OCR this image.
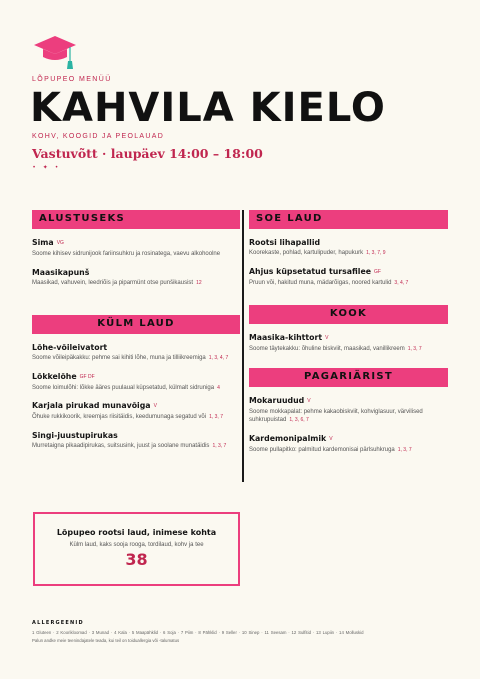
LÕPUPEO MENÜÜ
KAHVILA KIELO
KOHV, KOOGID JA PEOLAUAD
Vastuvõtt · laupäev 14:00 – 18:00
• ✦ •
ALUSTUSEKS
Sima VG
Soome kihisev sidrunijook fariinsuhkru ja rosinatega, vaevu alkohoolne
Maasikapunš
Maasikad, vahuvein, leedriõis ja piparmünt otse punšikausist 12
KÜLM LAUD
Lõhe-võileivatort
Soome võileipäkakku: pehme sai kihiti lõhe, muna ja tilliikreemiga 1, 3, 4, 7
Lõkkelõhe GF DF
Soome loimulõhi: lõkke ääres puulaual küpsetatud, külmalt sidruniga 4
Karjala pirukad munavõiga V
Õhuke rukkikoorik, kreemjas riisitäidis, keedumunaga segatud või 1, 3, 7
Singi-juustupirukas
Murretaigna pikaadipirukas, suitsusink, juust ja soolane munatäidis 1, 3, 7
SOE LAUD
Rootsi lihapallid
Koorekaste, pohlad, kartulipuder, hapukurk 1, 3, 7, 9
Ahjus küpsetatud tursafilee GF
Pruun või, hakitud muna, mädarõigas, noored kartulid 3, 4, 7
KOOK
Maasika-kihttort V
Soome täytekakku: õhuline biskviit, maasikad, vanillikreem 1, 3, 7
PAGARIÄRIST
Mokaruudud V
Soome mokkapalat: pehme kakaobiskviit, kohviglasuur, värvilised suhkrupuistad 1, 3, 6, 7
Kardemonipalmik V
Soome pullapitko: palmitud kardemonisai pärlsuhkruga 1, 3, 7
Lõpupeo rootsi laud, inimese kohta
Külm laud, kaks sooja rooga, tordilaud, kohv ja tee
38
ALLERGEENID
1 Gluteen · 2 Koorikloomad · 3 Munad · 4 Kala · 5 Maapähklid · 6 Soja · 7 Piim · 8 Pähklid · 9 Seller · 10 Sinep · 11 Seesam · 12 Sulfitid · 13 Lupiin · 14 Molluskid
Palun andke meie teenindajatele teada, kui teil on toiduallergia või -talumatus
